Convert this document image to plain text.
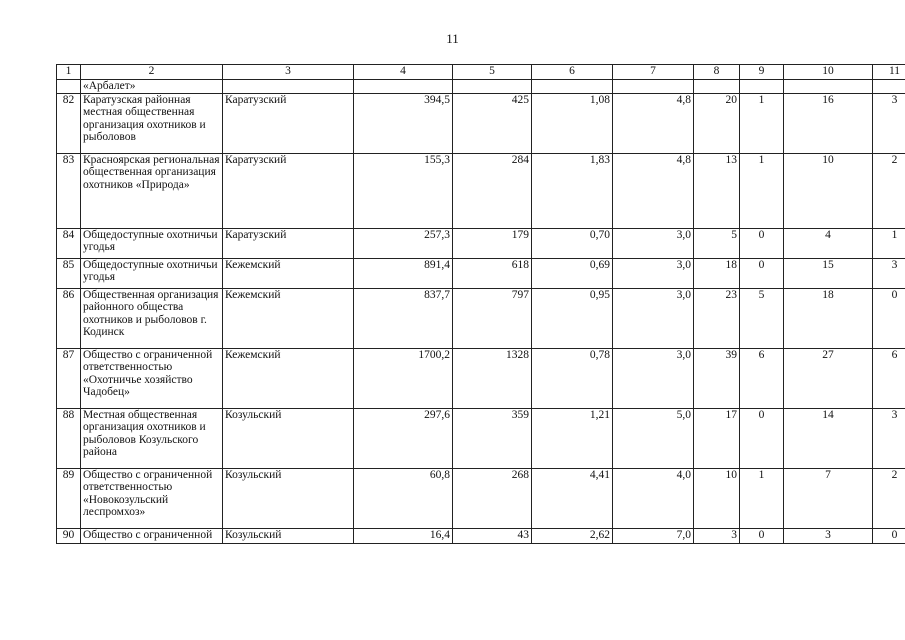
11
1	2	3	4	5	6	7	8	9	10	11
	«Арбалет»									
82	Каратузская районная местная общественная организация охотников и рыболовов	Каратузский	394,5	425	1,08	4,8	20	1	16	3
83	Красноярская региональная общественная организация охотников «Природа»	Каратузский	155,3	284	1,83	4,8	13	1	10	2
84	Общедоступные охотничьи угодья	Каратузский	257,3	179	0,70	3,0	5	0	4	1
85	Общедоступные охотничьи угодья	Кежемский	891,4	618	0,69	3,0	18	0	15	3
86	Общественная организация районного общества охотников и рыболовов г. Кодинск	Кежемский	837,7	797	0,95	3,0	23	5	18	0
87	Общество с ограниченной ответственностью «Охотничье хозяйство Чадобец»	Кежемский	1700,2	1328	0,78	3,0	39	6	27	6
88	Местная общественная организация охотников и рыболовов Козульского района	Козульский	297,6	359	1,21	5,0	17	0	14	3
89	Общество с ограниченной ответственностью «Новокозульский леспромхоз»	Козульский	60,8	268	4,41	4,0	10	1	7	2
90	Общество с ограниченной	Козульский	16,4	43	2,62	7,0	3	0	3	0
